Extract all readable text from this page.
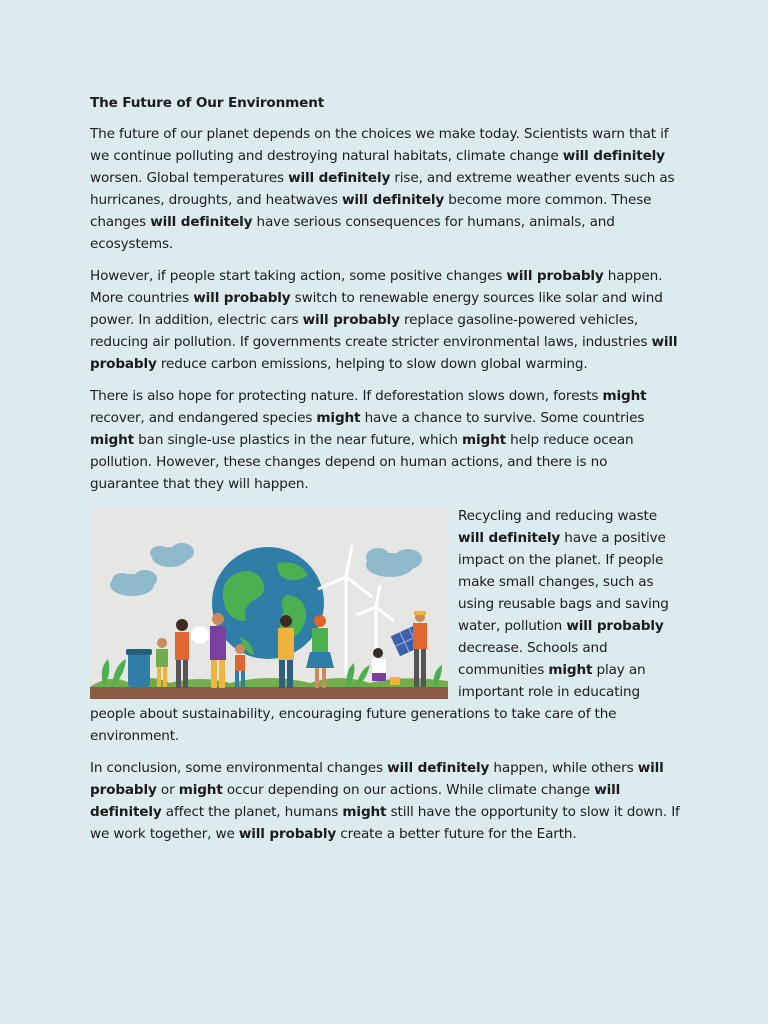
The Future of Our Environment

The future of our planet depends on the choices we make today. Scientists warn that if we continue polluting and destroying natural habitats, climate change will definitely worsen. Global temperatures will definitely rise, and extreme weather events such as hurricanes, droughts, and heatwaves will definitely become more common. These changes will definitely have serious consequences for humans, animals, and ecosystems.

However, if people start taking action, some positive changes will probably happen. More countries will probably switch to renewable energy sources like solar and wind power. In addition, electric cars will probably replace gasoline-powered vehicles, reducing air pollution. If governments create stricter environmental laws, industries will probably reduce carbon emissions, helping to slow down global warming.

There is also hope for protecting nature. If deforestation slows down, forests might recover, and endangered species might have a chance to survive. Some countries might ban single-use plastics in the near future, which might help reduce ocean pollution. However, these changes depend on human actions, and there is no guarantee that they will happen.

Recycling and reducing waste will definitely have a positive impact on the planet. If people make small changes, such as using reusable bags and saving water, pollution will probably decrease. Schools and communities might play an important role in educating people about sustainability, encouraging future generations to take care of the environment.

In conclusion, some environmental changes will definitely happen, while others will probably or might occur depending on our actions. While climate change will definitely affect the planet, humans might still have the opportunity to slow it down. If we work together, we will probably create a better future for the Earth.
